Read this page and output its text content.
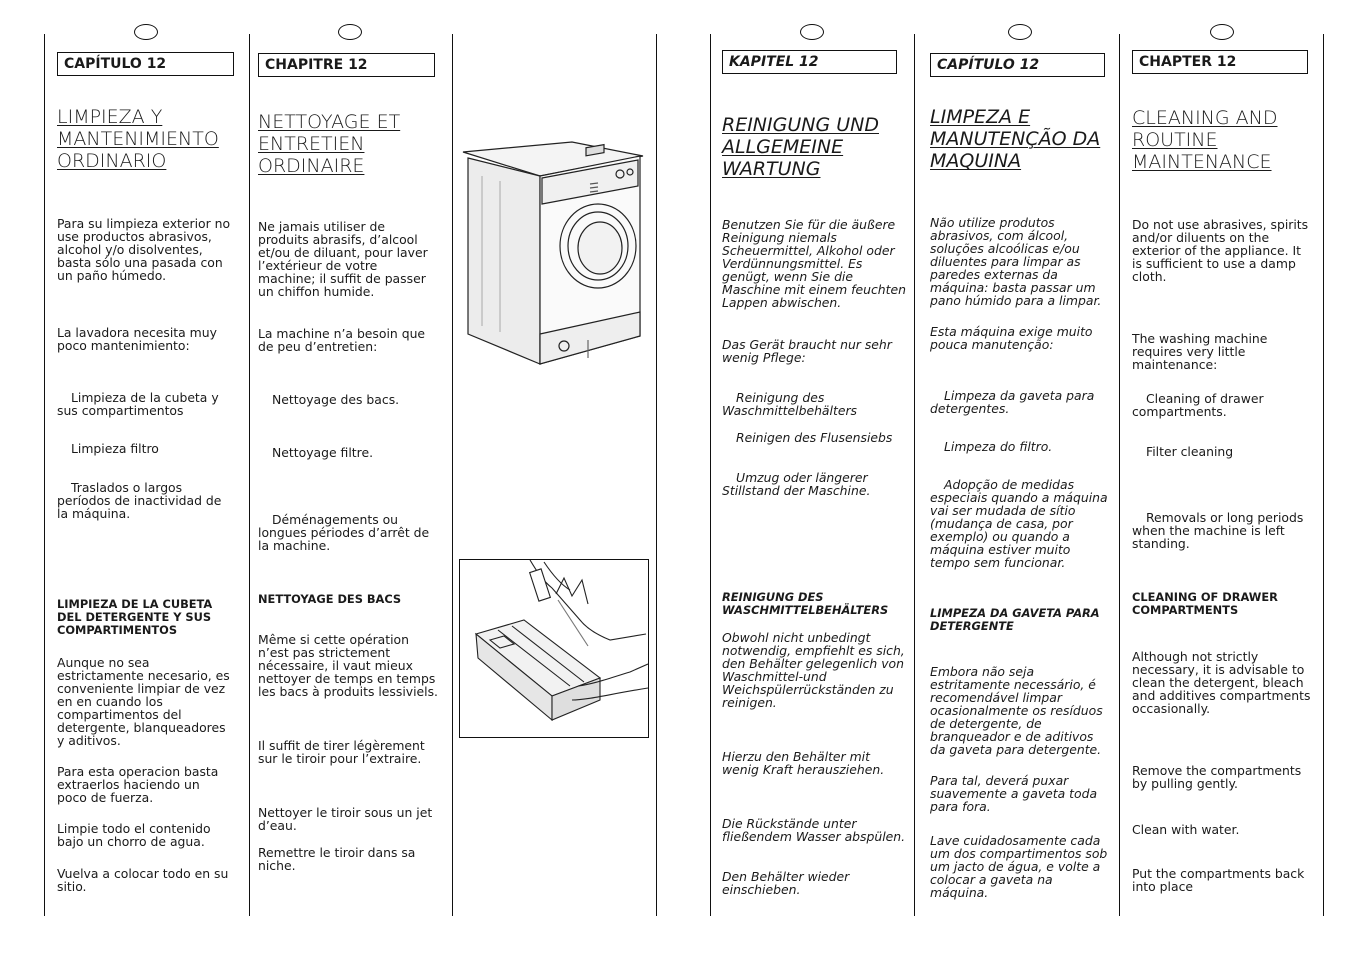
CAPÍTULO 12
LIMPIEZA Y MANTENIMIENTO ORDINARIO

Para su limpieza exterior no use productos abrasivos, alcohol y/o disolventes, basta sólo una pasada con un paño húmedo.

La lavadora necesita muy poco mantenimiento:

Limpieza de la cubeta y sus compartimentos

Limpieza filtro

Traslados o largos períodos de inactividad de la máquina.

LIMPIEZA DE LA CUBETA DEL DETERGENTE Y SUS COMPARTIMENTOS

Aunque no sea estrictamente necesario, es conveniente limpiar de vez en en cuando los compartimentos del detergente, blanqueadores y aditivos.

Para esta operacion basta extraerlos haciendo un poco de fuerza.

Limpie todo el contenido bajo un chorro de agua.

Vuelva a colocar todo en su sitio.

CHAPITRE 12
NETTOYAGE ET ENTRETIEN ORDINAIRE

Ne jamais utiliser de produits abrasifs, d’alcool et/ou de diluant, pour laver l’extérieur de votre machine; il suffit de passer un chiffon humide.

La machine n’a besoin que de peu d’entretien:

Nettoyage des bacs.

Nettoyage filtre.

Déménagements ou longues périodes d’arrêt de la machine.

NETTOYAGE DES BACS

Même si cette opération n’est pas strictement nécessaire, il vaut mieux nettoyer de temps en temps les bacs à produits lessiviels.

Il suffit de tirer légèrement sur le tiroir pour l’extraire.

Nettoyer le tiroir sous un jet d’eau.

Remettre le tiroir dans sa niche.

KAPITEL 12
REINIGUNG UND ALLGEMEINE WARTUNG

Benutzen Sie für die äußere Reinigung niemals Scheuermittel, Alkohol oder Verdünnungsmittel. Es genügt, wenn Sie die Maschine mit einem feuchten Lappen abwischen.

Das Gerät braucht nur sehr wenig Pflege:

Reinigung des Waschmittelbehälters

Reinigen des Flusensiebs

Umzug oder längerer Stillstand der Maschine.

REINIGUNG DES WASCHMITTELBEHÄLTERS

Obwohl nicht unbedingt notwendig, empfiehlt es sich, den Behälter gelegenlich von Waschmittel-und Weichspülerrückständen zu reinigen.

Hierzu den Behälter mit wenig Kraft herausziehen.

Die Rückstände unter fließendem Wasser abspülen.

Den Behälter wieder einschieben.

CAPÍTULO 12
LIMPEZA E MANUTENÇÃO DA MAQUINA

Não utilize produtos abrasivos, com álcool, soluções alcoólicas e/ou diluentes para limpar as paredes externas da máquina: basta passar um pano húmido para a limpar.

Esta máquina exige muito pouca manutenção:

Limpeza da gaveta para detergentes.

Limpeza do filtro.

Adopção de medidas especiais quando a máquina vai ser mudada de sítio (mudança de casa, por exemplo) ou quando a máquina estiver muito tempo sem funcionar.

LIMPEZA DA GAVETA PARA DETERGENTE

Embora não seja estritamente necessário, é recomendável limpar ocasionalmente os resíduos de detergente, de branqueador e de aditivos da gaveta para detergente.

Para tal, deverá puxar suavemente a gaveta toda para fora.

Lave cuidadosamente cada um dos compartimentos sob um jacto de água, e volte a colocar a gaveta na máquina.

CHAPTER 12
CLEANING AND ROUTINE MAINTENANCE

Do not use abrasives, spirits and/or diluents on the exterior of the appliance. It is sufficient to use a damp cloth.

The washing machine requires very little maintenance:

Cleaning of drawer compartments.

Filter cleaning

Removals or long periods when the machine is left standing.

CLEANING OF DRAWER COMPARTMENTS

Although not strictly necessary, it is advisable to clean the detergent, bleach and additives compartments occasionally.

Remove the compartments by pulling gently.

Clean with water.

Put the compartments back into place
